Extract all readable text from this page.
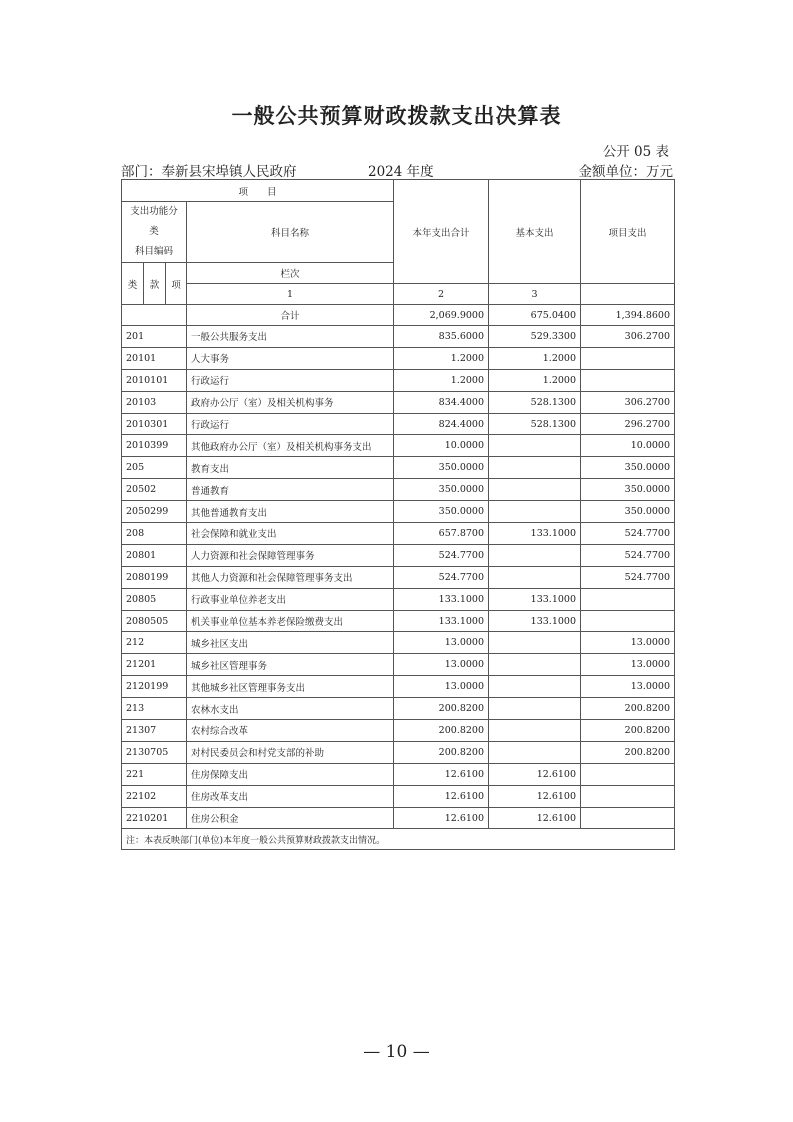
一般公共预算财政拨款支出决算表
公开 05 表
部门：奉新县宋埠镇人民政府	2024 年度	金额单位：万元
项　　目				本年支出合计	基本支出	项目支出
支出功能分类
科目编码			科目名称			
类	款	项	栏次			
			1	2	3	
			合计	2,069.9000	675.0400	1,394.8600
201			一般公共服务支出	835.6000	529.3300	306.2700
20101			人大事务	1.2000	1.2000	
2010101			行政运行	1.2000	1.2000	
20103			政府办公厅（室）及相关机构事务	834.4000	528.1300	306.2700
2010301			行政运行	824.4000	528.1300	296.2700
2010399			其他政府办公厅（室）及相关机构事务支出	10.0000		10.0000
205			教育支出	350.0000		350.0000
20502			普通教育	350.0000		350.0000
2050299			其他普通教育支出	350.0000		350.0000
208			社会保障和就业支出	657.8700	133.1000	524.7700
20801			人力资源和社会保障管理事务	524.7700		524.7700
2080199			其他人力资源和社会保障管理事务支出	524.7700		524.7700
20805			行政事业单位养老支出	133.1000	133.1000	
2080505			机关事业单位基本养老保险缴费支出	133.1000	133.1000	
212			城乡社区支出	13.0000		13.0000
21201			城乡社区管理事务	13.0000		13.0000
2120199			其他城乡社区管理事务支出	13.0000		13.0000
213			农林水支出	200.8200		200.8200
21307			农村综合改革	200.8200		200.8200
2130705			对村民委员会和村党支部的补助	200.8200		200.8200
221			住房保障支出	12.6100	12.6100	
22102			住房改革支出	12.6100	12.6100	
2210201			住房公积金	12.6100	12.6100	
注：本表反映部门(单位)本年度一般公共预算财政拨款支出情况。						
— 10 —
